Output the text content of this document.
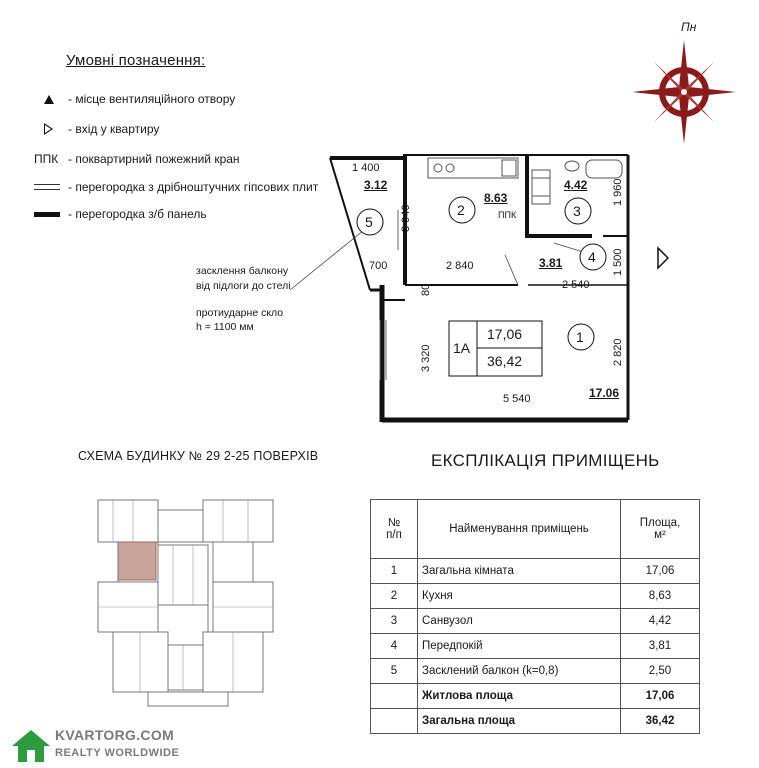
Умовні позначення:
- місце вентиляційного отвору
- вхід у квартиру
ППК - поквартирний пожежний кран
- перегородка з дрібноштучних гіпсових плит
- перегородка з/б панель
Пн
1 400
3.12
5 3 040	2
8.63
ППК	3
4.42 1 960
700	2 840	3.81 4 1 500
2 540
80
3 320	2 820
5 540	17.06
1
1А
17,06
36,42
засклення балкону
від підлоги до стелі
протиударне скло
h = 1100 мм
СХЕМА БУДИНКУ № 29 2-25 ПОВЕРХІВ	ЕКСПЛІКАЦІЯ ПРИМІЩЕНЬ
№
п/п	Найменування приміщень	Площа,
м²
1	Загальна кімната	17,06
2	Кухня	8,63
3	Санвузол	4,42
4	Передпокій	3,81
5	Засклений балкон (k=0,8)	2,50
	Житлова площа	17,06
	Загальна площа	36,42
KVARTORG.COM
REALTY WORLDWIDE
